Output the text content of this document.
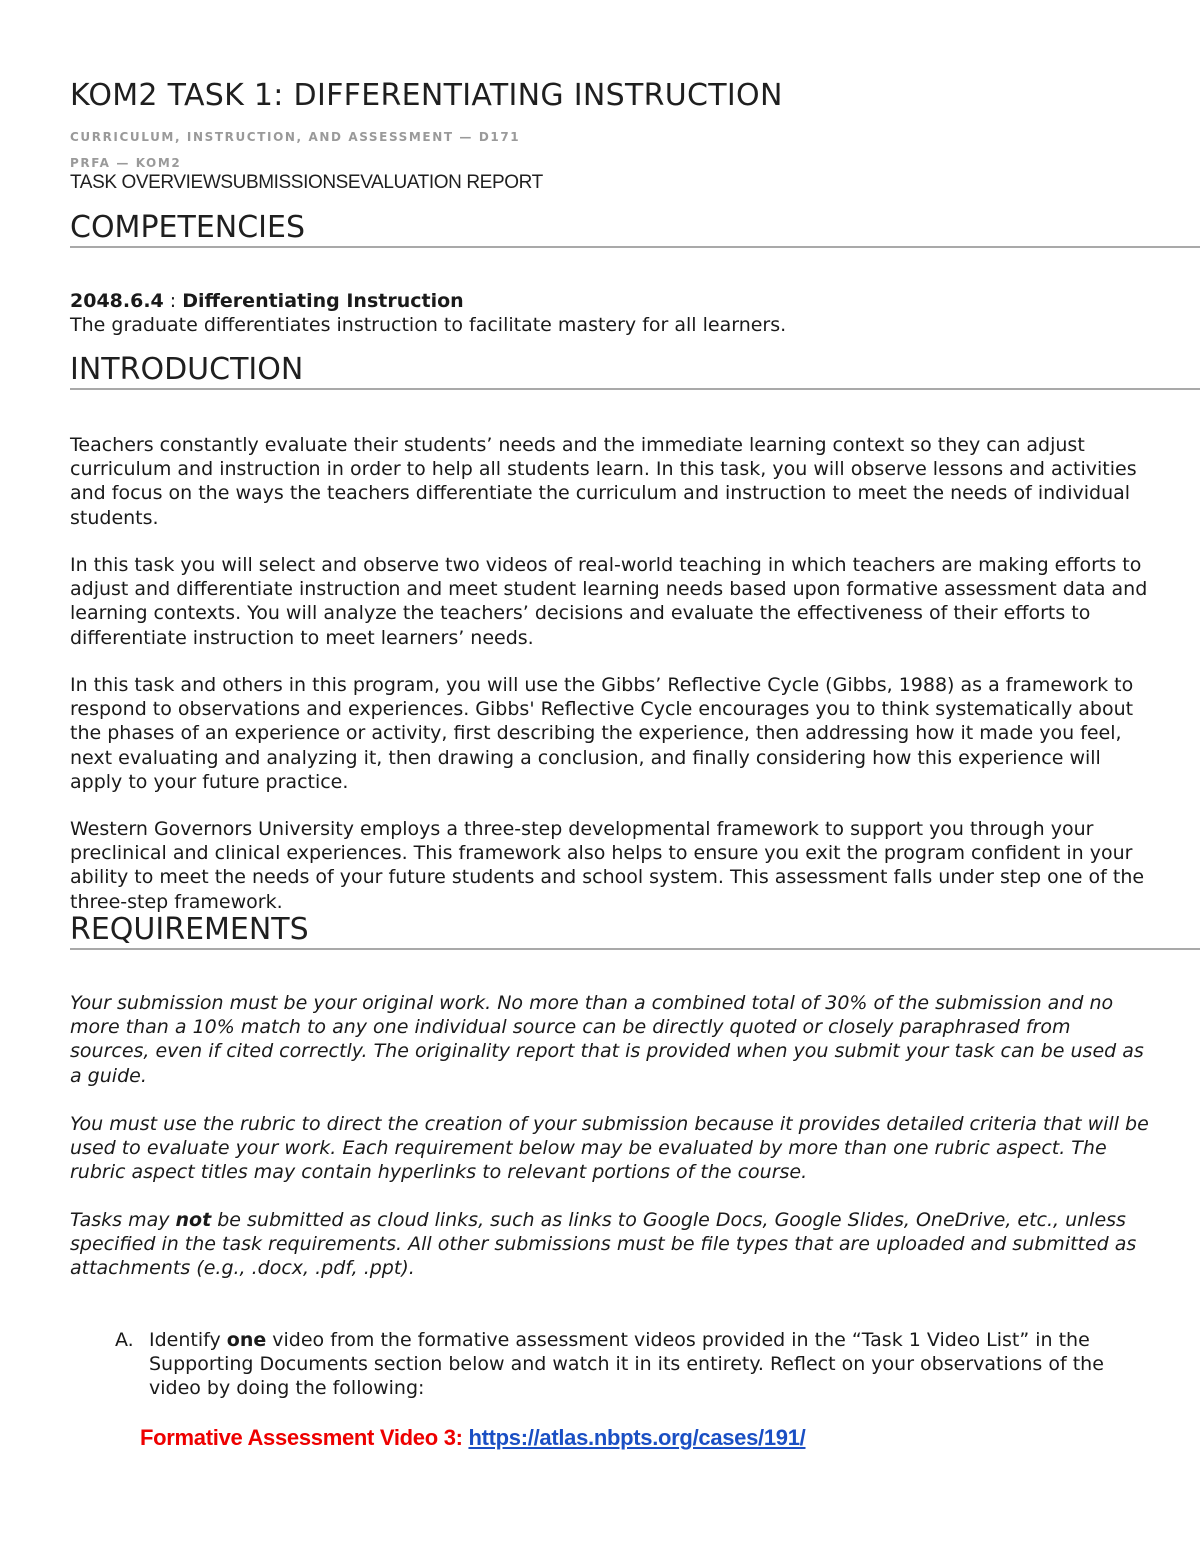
KOM2 TASK 1: DIFFERENTIATING INSTRUCTION
CURRICULUM, INSTRUCTION, AND ASSESSMENT — D171
PRFA — KOM2
TASK OVERVIEWSUBMISSIONSEVALUATION REPORT
COMPETENCIES
2048.6.4 : Differentiating Instruction
The graduate differentiates instruction to facilitate mastery for all learners.
INTRODUCTION

Teachers constantly evaluate their students’ needs and the immediate learning context so they can adjust curriculum and instruction in order to help all students learn. In this task, you will observe lessons and activities and focus on the ways the teachers differentiate the curriculum and instruction to meet the needs of individual students.

In this task you will select and observe two videos of real-world teaching in which teachers are making efforts to adjust and differentiate instruction and meet student learning needs based upon formative assessment data and learning contexts. You will analyze the teachers’ decisions and evaluate the effectiveness of their efforts to differentiate instruction to meet learners’ needs.

In this task and others in this program, you will use the Gibbs’ Reflective Cycle (Gibbs, 1988) as a framework to respond to observations and experiences. Gibbs' Reflective Cycle encourages you to think systematically about the phases of an experience or activity, first describing the experience, then addressing how it made you feel, next evaluating and analyzing it, then drawing a conclusion, and finally considering how this experience will apply to your future practice.

Western Governors University employs a three-step developmental framework to support you through your preclinical and clinical experiences. This framework also helps to ensure you exit the program confident in your ability to meet the needs of your future students and school system. This assessment falls under step one of the three-step framework.

REQUIREMENTS

Your submission must be your original work. No more than a combined total of 30% of the submission and no more than a 10% match to any one individual source can be directly quoted or closely paraphrased from sources, even if cited correctly. The originality report that is provided when you submit your task can be used as a guide.

You must use the rubric to direct the creation of your submission because it provides detailed criteria that will be used to evaluate your work. Each requirement below may be evaluated by more than one rubric aspect. The rubric aspect titles may contain hyperlinks to relevant portions of the course.

Tasks may not be submitted as cloud links, such as links to Google Docs, Google Slides, OneDrive, etc., unless specified in the task requirements. All other submissions must be file types that are uploaded and submitted as attachments (e.g., .docx, .pdf, .ppt).

A. Identify one video from the formative assessment videos provided in the “Task 1 Video List” in the Supporting Documents section below and watch it in its entirety. Reflect on your observations of the video by doing the following:
Formative Assessment Video 3: https://atlas.nbpts.org/cases/191/
